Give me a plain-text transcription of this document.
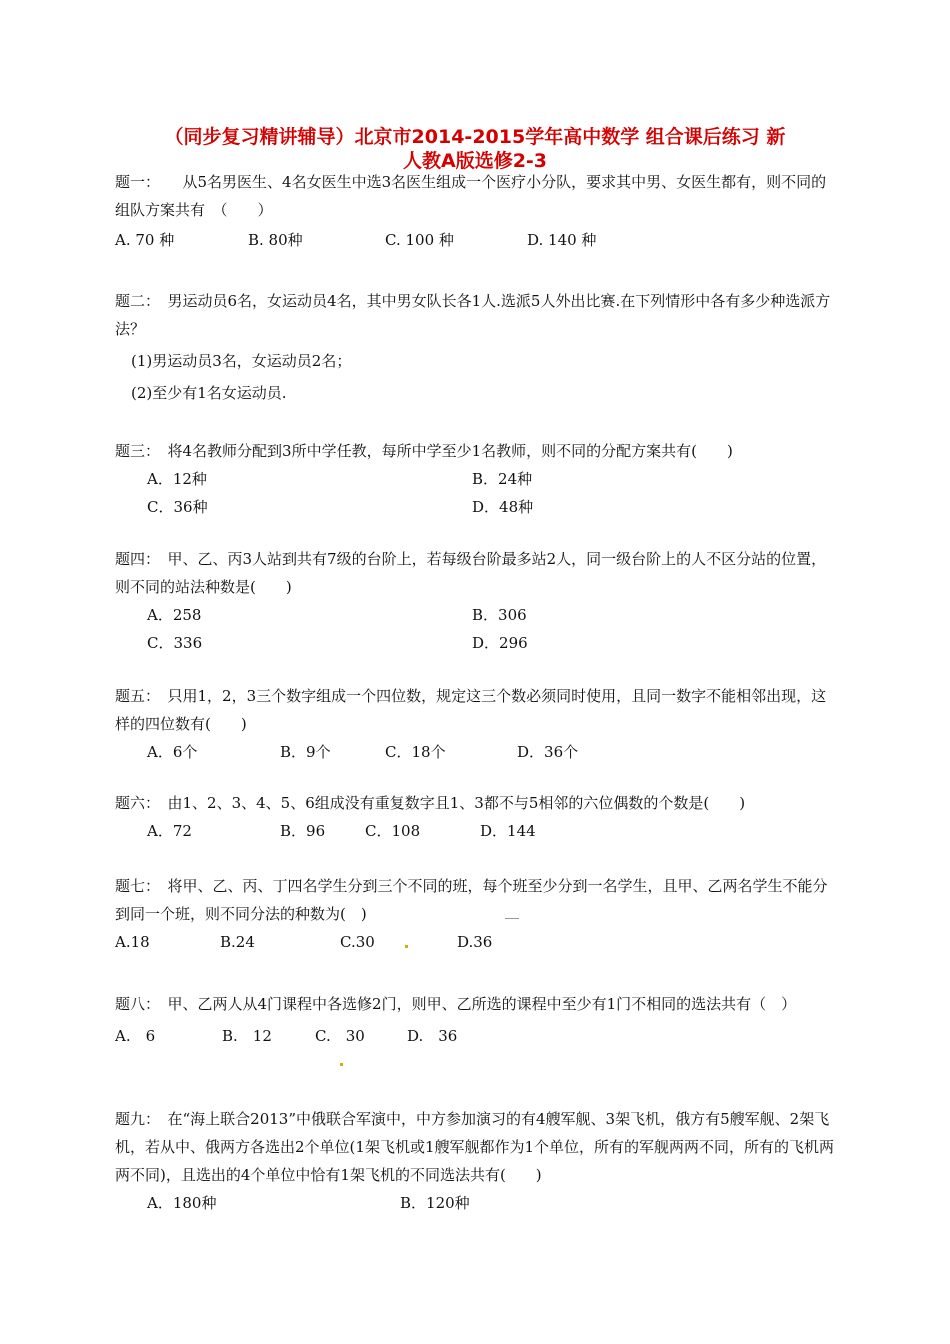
（同步复习精讲辅导）北京市2014-2015学年高中数学 组合课后练习 新
人教A版选修2-3

题一：　　从5名男医生、4名女医生中选3名医生组成一个医疗小分队，要求其中男、女医生都有，则不同的组队方案共有　（　　）

A. 70 种	B. 80种	C. 100 种	D. 140 种

题二：　男运动员6名，女运动员4名，其中男女队长各1人.选派5人外出比赛.在下列情形中各有多少种选派方法？

(1)男运动员3名，女运动员2名；

(2)至少有1名女运动员.

题三：　将4名教师分配到3所中学任教，每所中学至少1名教师，则不同的分配方案共有(　　)

A．12种	B．24种
C．36种	D．48种

题四：　甲、乙、丙3人站到共有7级的台阶上，若每级台阶最多站2人，同一级台阶上的人不区分站的位置，则不同的站法种数是(　　)

A．258	B．306
C．336	D．296

题五：　只用1，2，3三个数字组成一个四位数，规定这三个数必须同时使用，且同一数字不能相邻出现，这样的四位数有(　　)

A．6个	B．9个	C．18个	D．36个

题六：　由1、2、3、4、5、6组成没有重复数字且1、3都不与5相邻的六位偶数的个数是(　　)

A．72	B．96	C．108	D．144

题七：　将甲、乙、丙、丁四名学生分到三个不同的班，每个班至少分到一名学生，且甲、乙两名学生不能分到同一个班，则不同分法的种数为(　)

A.18	B.24	C.30	D.36

题八：　甲、乙两人从4门课程中各选修2门，则甲、乙所选的课程中至少有1门不相同的选法共有（　）

A.　6	B.　12	C.　30	D.　36

题九：　在“海上联合2013”中俄联合军演中，中方参加演习的有4艘军舰、3架飞机，俄方有5艘军舰、2架飞机，若从中、俄两方各选出2个单位(1架飞机或1艘军舰都作为1个单位，所有的军舰两两不同，所有的飞机两两不同)，且选出的4个单位中恰有1架飞机的不同选法共有(　　)

A．180种	B．120种
